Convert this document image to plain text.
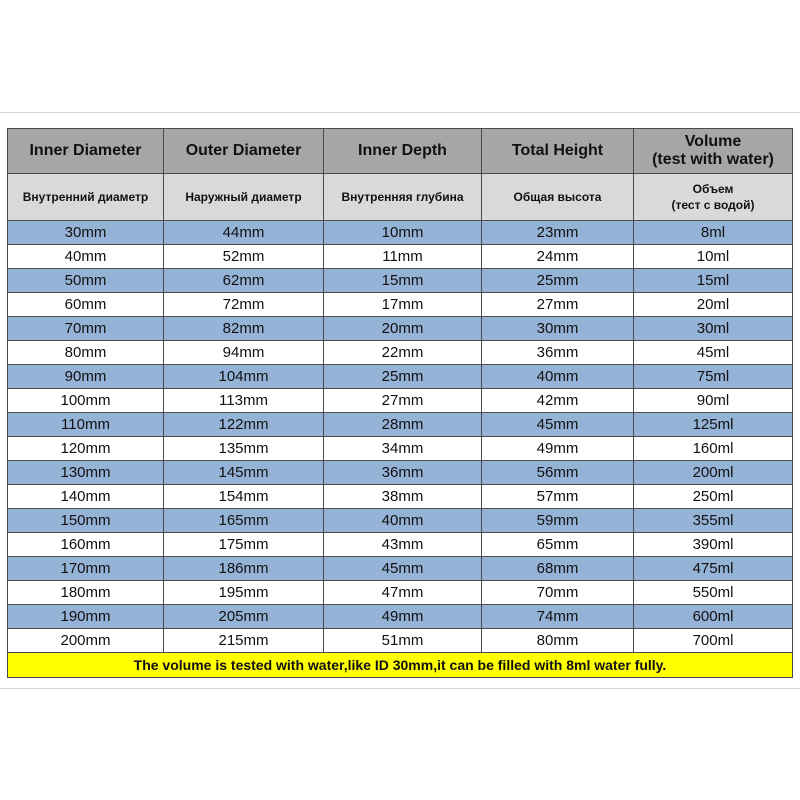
Inner Diameter	Outer Diameter	Inner Depth	Total Height	Volume
(test with water)

Внутренний диаметр	Наружный диаметр	Внутренняя глубина	Общая высота	Объем
(тест с водой)

30mm	44mm	10mm	23mm	8ml
40mm	52mm	11mm	24mm	10ml
50mm	62mm	15mm	25mm	15ml
60mm	72mm	17mm	27mm	20ml
70mm	82mm	20mm	30mm	30ml
80mm	94mm	22mm	36mm	45ml
90mm	104mm	25mm	40mm	75ml
100mm	113mm	27mm	42mm	90ml
110mm	122mm	28mm	45mm	125ml
120mm	135mm	34mm	49mm	160ml
130mm	145mm	36mm	56mm	200ml
140mm	154mm	38mm	57mm	250ml
150mm	165mm	40mm	59mm	355ml
160mm	175mm	43mm	65mm	390ml
170mm	186mm	45mm	68mm	475ml
180mm	195mm	47mm	70mm	550ml
190mm	205mm	49mm	74mm	600ml
200mm	215mm	51mm	80mm	700ml
The volume is tested with water,like ID 30mm,it can be filled with 8ml water fully.				
